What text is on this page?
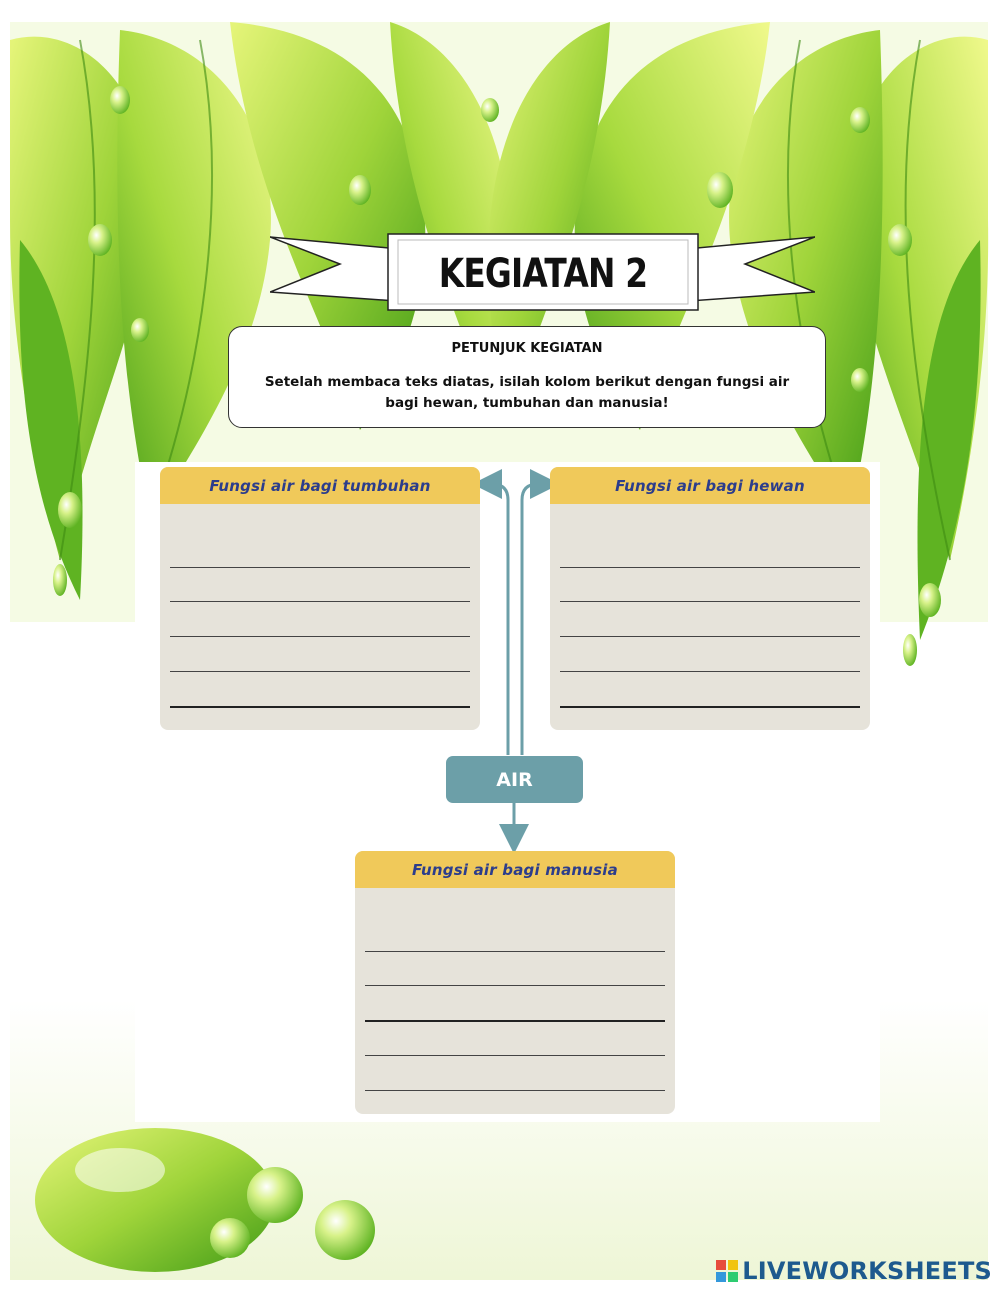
KEGIATAN 2
PETUNJUK KEGIATAN
Setelah membaca teks diatas, isilah kolom berikut dengan fungsi air bagi hewan, tumbuhan dan manusia!
Fungsi air bagi tumbuhan	Fungsi air bagi hewan
AIR
Fungsi air bagi manusia
LIVEWORKSHEETS
